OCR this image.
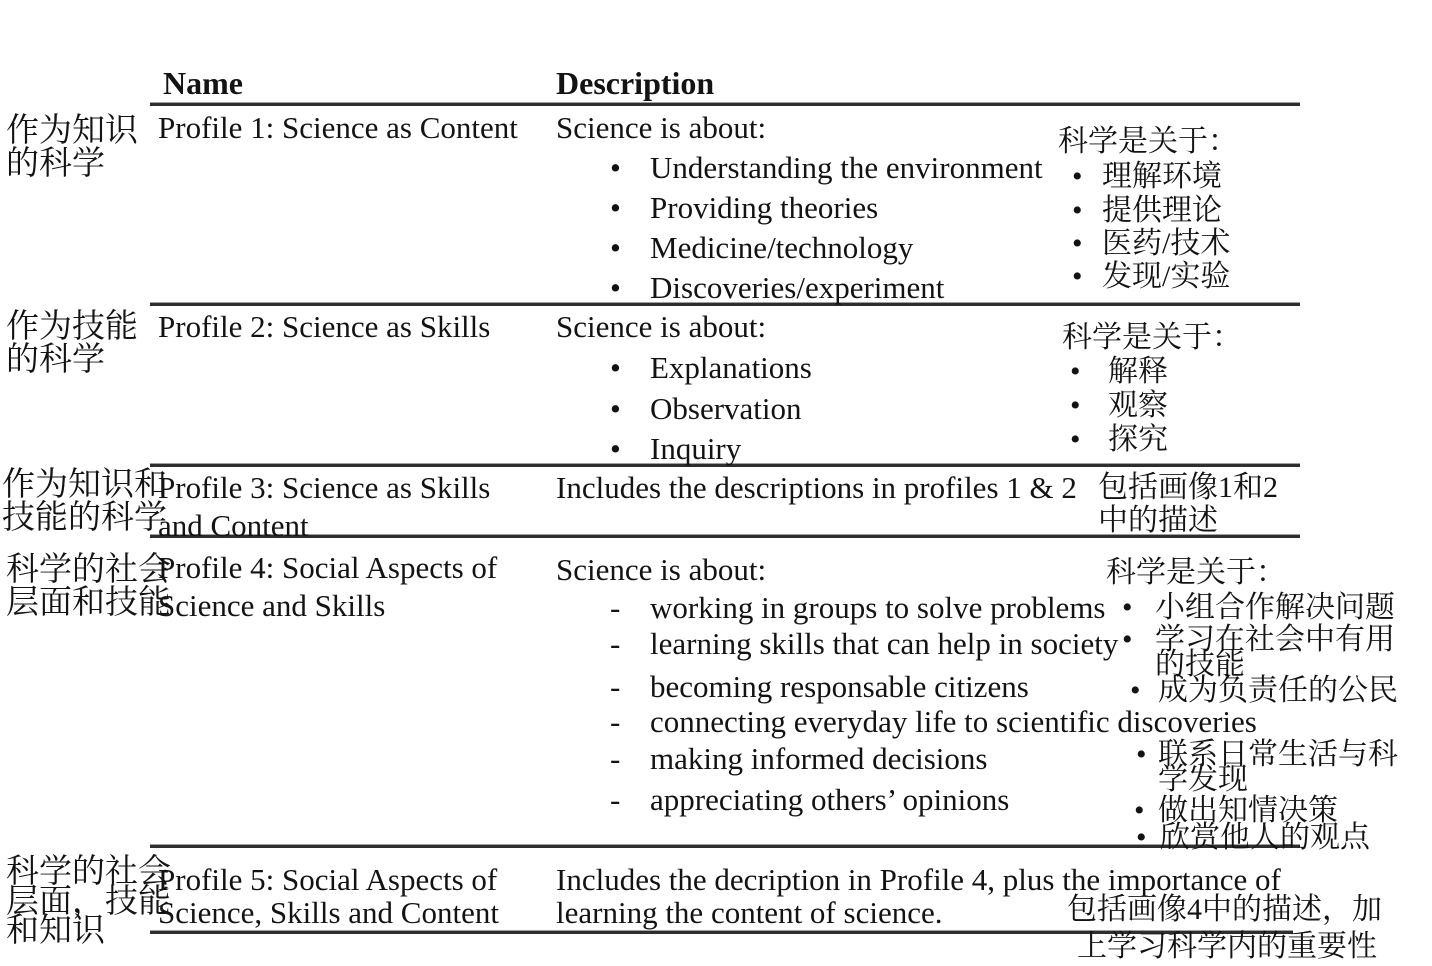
Name	Description
作为知识
的科学
Profile 1: Science as Content Science is about:
•Understanding the environment
•Providing theories
•Medicine/technology
•Discoveries/experiment
科学是关于：
•理解环境
•提供理论
•医药/技术
•发现/实验
作为技能
的科学
Profile 2: Science as Skills Science is about:
•Explanations
•Observation
•Inquiry
科学是关于：
•解释
•观察
•探究
作为知识和
技能的科学
Profile 3: Science as Skills
and Content
Includes the descriptions in profiles 1 & 2 包括画像1和2
中的描述
科学的社会
层面和技能
Profile 4: Social Aspects of
Science and Skills
Science is about:
-working in groups to solve problems
-learning skills that can help in society
-becoming responsable citizens
-connecting everyday life to scientific discoveries
-making informed decisions
-appreciating others’ opinions
科学是关于：
•小组合作解决问题
•学习在社会中有用
的技能
•成为负责任的公民
•联系日常生活与科
学发现
•做出知情决策
•欣赏他人的观点
科学的社会
层面，技能
和知识
Profile 5: Social Aspects of
Science, Skills and Content
Includes the decription in Profile 4, plus the importance of
learning the content of science.	包括画像4中的描述，加
上学习科学内的重要性
